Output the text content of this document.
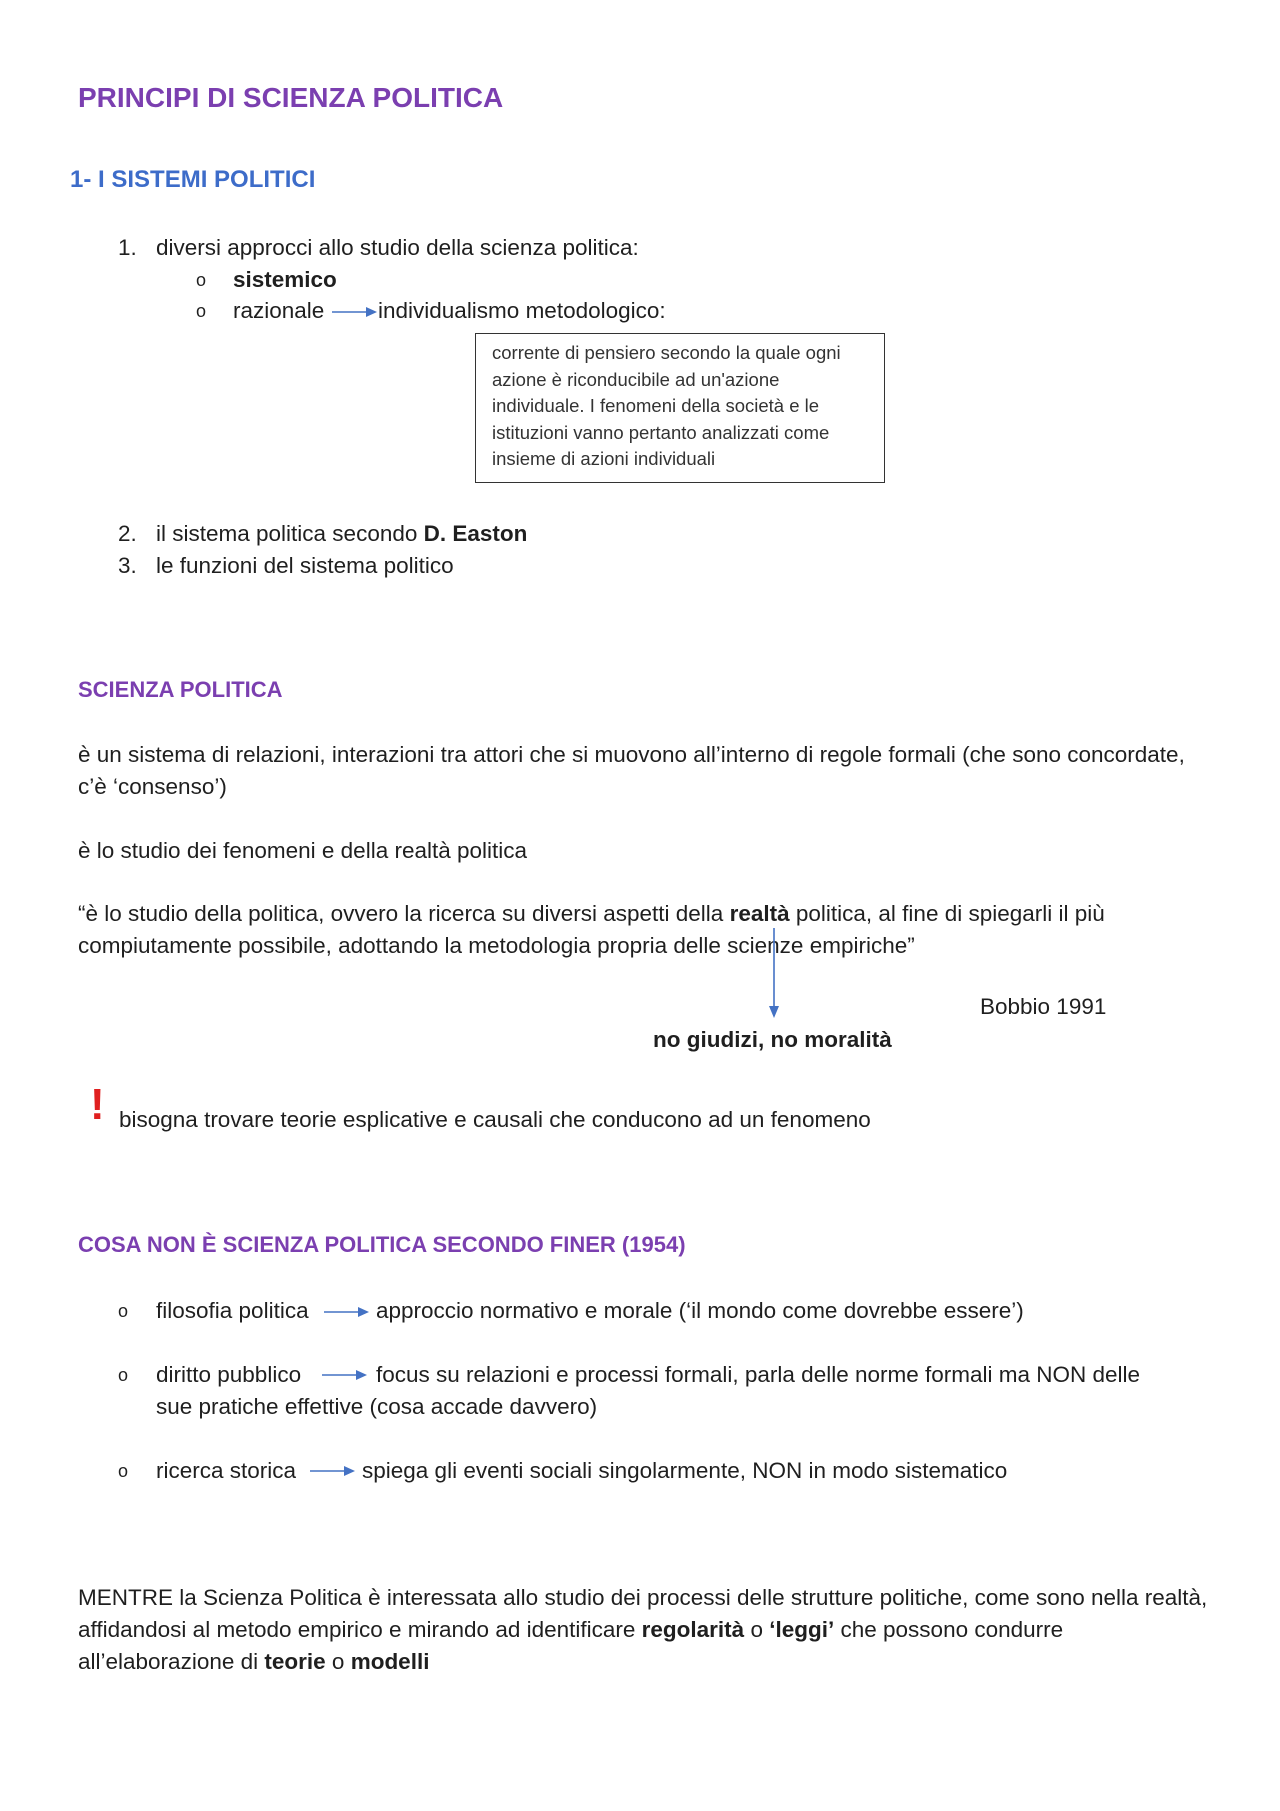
PRINCIPI DI SCIENZA POLITICA
1- I SISTEMI POLITICI
1. diversi approcci allo studio della scienza politica:
o sistemico
o razionale individualismo metodologico:
corrente di pensiero secondo la quale ogni azione è riconducibile ad un'azione individuale. I fenomeni della società e le istituzioni vanno pertanto analizzati come insieme di azioni individuali
2. il sistema politica secondo D. Easton
3. le funzioni del sistema politico
SCIENZA POLITICA
è un sistema di relazioni, interazioni tra attori che si muovono all’interno di regole formali (che sono concordate, c’è ‘consenso’)
è lo studio dei fenomeni e della realtà politica
“è lo studio della politica, ovvero la ricerca su diversi aspetti della realtà politica, al fine di spiegarli il più compiutamente possibile, adottando la metodologia propria delle scienze empiriche”
Bobbio 1991
no giudizi, no moralità
! bisogna trovare teorie esplicative e causali che conducono ad un fenomeno
COSA NON È SCIENZA POLITICA SECONDO FINER (1954)
o filosofia politica	approccio normativo e morale (‘il mondo come dovrebbe essere’)
o diritto pubblico	focus su relazioni e processi formali, parla delle norme formali ma NON delle
sue pratiche effettive (cosa accade davvero)
o ricerca storica	spiega gli eventi sociali singolarmente, NON in modo sistematico
MENTRE la Scienza Politica è interessata allo studio dei processi delle strutture politiche, come sono nella realtà, affidandosi al metodo empirico e mirando ad identificare regolarità o ‘leggi’ che possono condurre all’elaborazione di teorie o modelli
